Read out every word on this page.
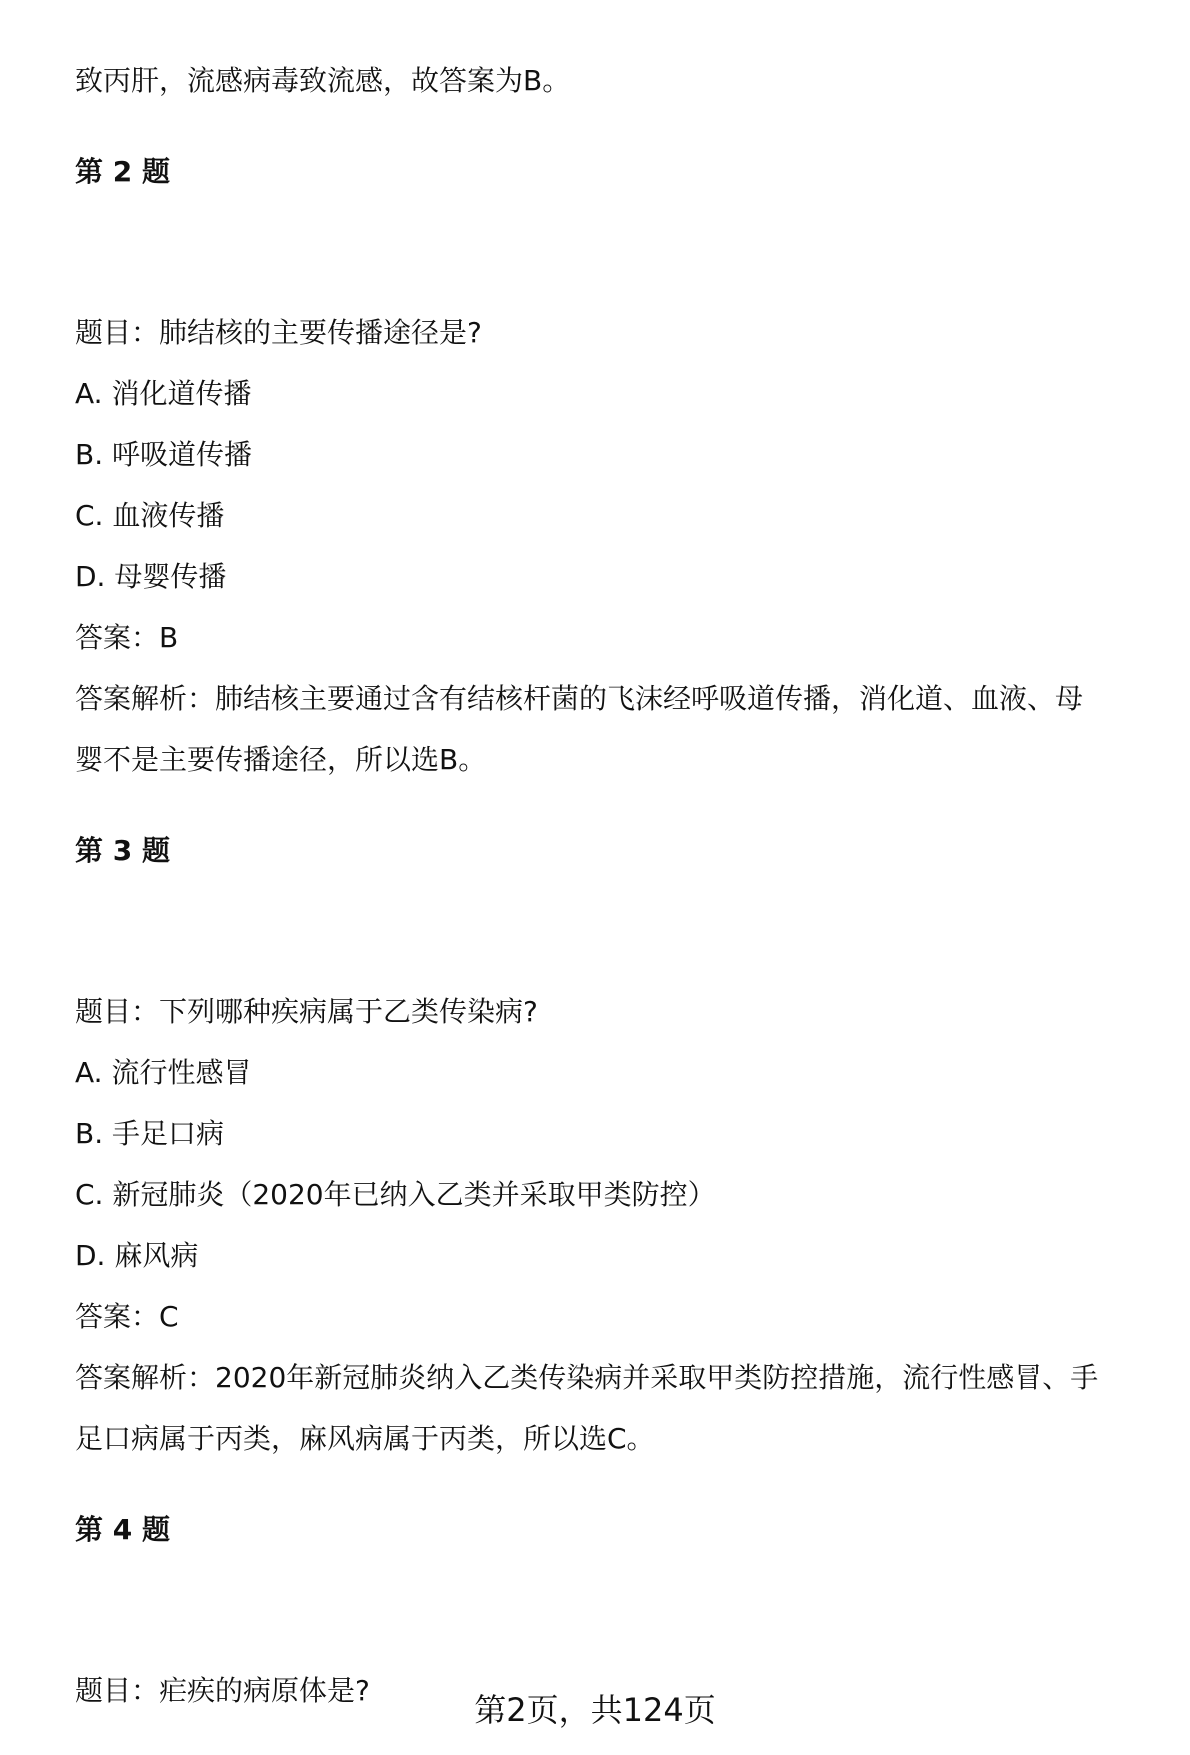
致丙肝，流感病毒致流感，故答案为B。
第 2 题
题目：肺结核的主要传播途径是?
A. 消化道传播
B. 呼吸道传播
C. 血液传播
D. 母婴传播
答案：B
答案解析：肺结核主要通过含有结核杆菌的飞沫经呼吸道传播，消化道、血液、母
婴不是主要传播途径，所以选B。
第 3 题
题目：下列哪种疾病属于乙类传染病?
A. 流行性感冒
B. 手足口病
C. 新冠肺炎（2020年已纳入乙类并采取甲类防控）
D. 麻风病
答案：C
答案解析：2020年新冠肺炎纳入乙类传染病并采取甲类防控措施，流行性感冒、手
足口病属于丙类，麻风病属于丙类，所以选C。
第 4 题
题目：疟疾的病原体是?
第2页，共124页
